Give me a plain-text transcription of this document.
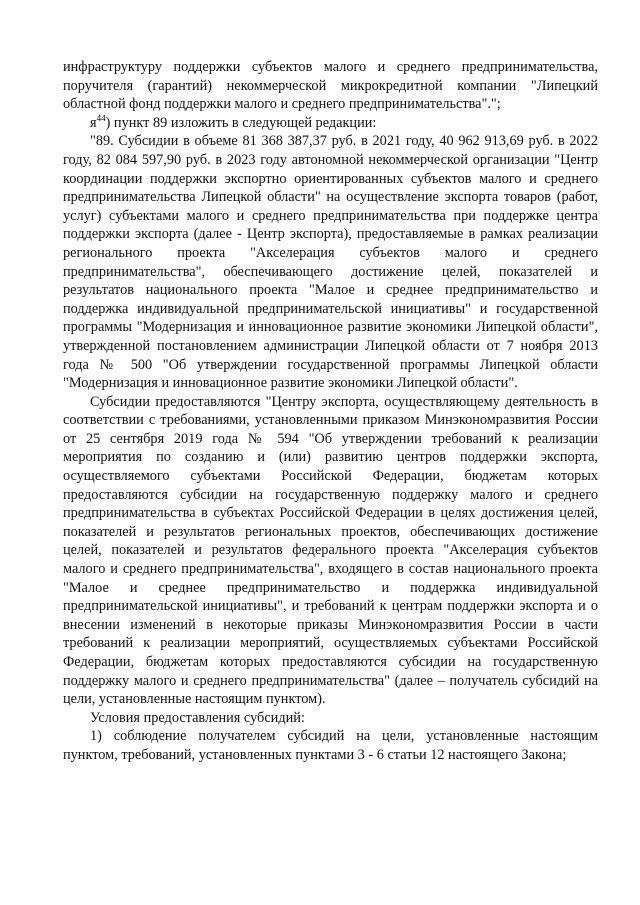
инфраструктуру поддержки субъектов малого и среднего предпринимательства, поручителя (гарантий) некоммерческой микрокредитной компании "Липецкий областной фонд поддержки малого и среднего предпринимательства".";

$я^{44}$) пункт 89 изложить в следующей редакции:

"89. Субсидии в объеме 81 368 387,37 руб. в 2021 году, 40 962 913,69 руб. в 2022 году, 82 084 597,90 руб. в 2023 году автономной некоммерческой организации "Центр координации поддержки экспортно ориентированных субъектов малого и среднего предпринимательства Липецкой области" на осуществление экспорта товаров (работ, услуг) субъектами малого и среднего предпринимательства при поддержке центра поддержки экспорта (далее - Центр экспорта), предоставляемые в рамках реализации регионального проекта "Акселерация субъектов малого и среднего предпринимательства", обеспечивающего достижение целей, показателей и результатов национального проекта "Малое и среднее предпринимательство и поддержка индивидуальной предпринимательской инициативы" и государственной программы "Модернизация и инновационное развитие экономики Липецкой области", утвержденной постановлением администрации Липецкой области от 7 ноября 2013 года № 500 "Об утверждении государственной программы Липецкой области "Модернизация и инновационное развитие экономики Липецкой области".

Субсидии предоставляются "Центру экспорта, осуществляющему деятельность в соответствии с требованиями, установленными приказом Минэкономразвития России от 25 сентября 2019 года № 594 "Об утверждении требований к реализации мероприятия по созданию и (или) развитию центров поддержки экспорта, осуществляемого субъектами Российской Федерации, бюджетам которых предоставляются субсидии на государственную поддержку малого и среднего предпринимательства в субъектах Российской Федерации в целях достижения целей, показателей и результатов региональных проектов, обеспечивающих достижение целей, показателей и результатов федерального проекта "Акселерация субъектов малого и среднего предпринимательства", входящего в состав национального проекта "Малое и среднее предпринимательство и поддержка индивидуальной предпринимательской инициативы", и требований к центрам поддержки экспорта и о внесении изменений в некоторые приказы Минэкономразвития России в части требований к реализации мероприятий, осуществляемых субъектами Российской Федерации, бюджетам которых предоставляются субсидии на государственную поддержку малого и среднего предпринимательства" (далее – получатель субсидий на цели, установленные настоящим пунктом).

Условия предоставления субсидий:

1) соблюдение получателем субсидий на цели, установленные настоящим пунктом, требований, установленных пунктами 3 - 6 статьи 12 настоящего Закона;
